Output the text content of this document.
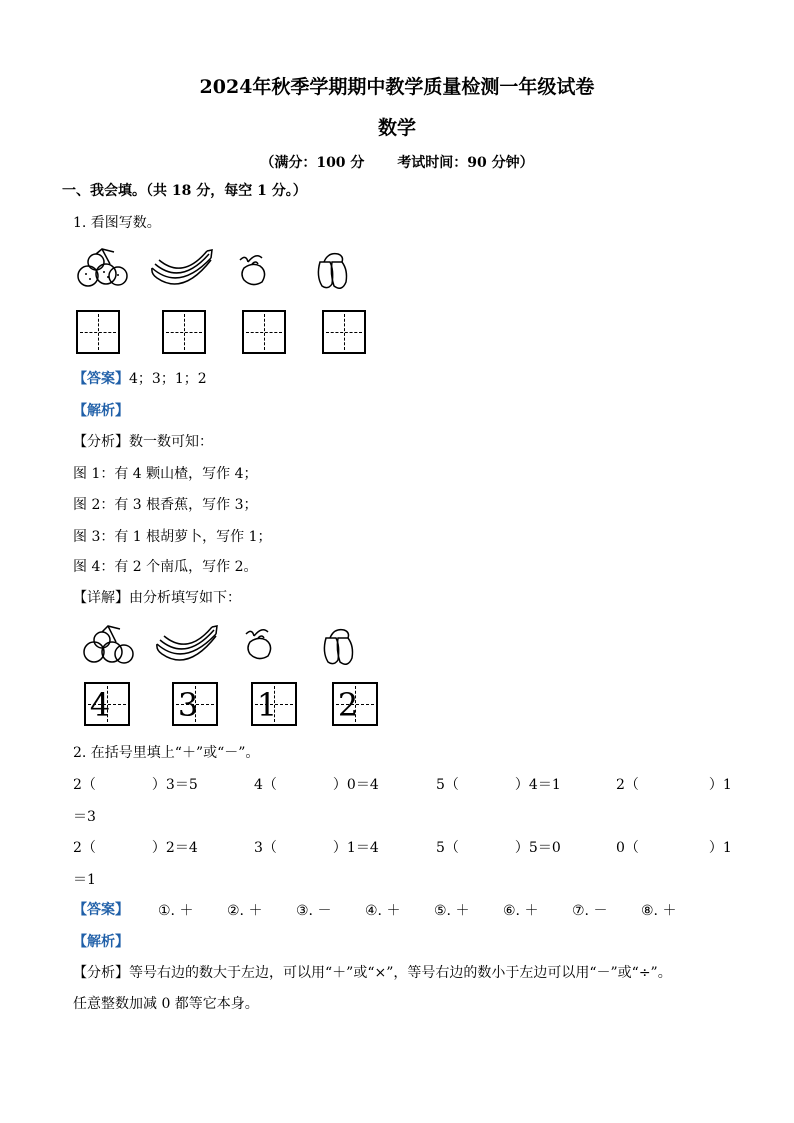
2024年秋季学期期中教学质量检测一年级试卷
数学
（满分：100 分 考试时间：90 分钟）
一、我会填。（共 18 分，每空 1 分。）
1. 看图写数。
【答案】4；3；1；2
【解析】
【分析】数一数可知：
图 1：有 4 颗山楂，写作 4；
图 2：有 3 根香蕉，写作 3；
图 3：有 1 根胡萝卜，写作 1；
图 4：有 2 个南瓜，写作 2。
【详解】由分析填写如下：
4 3 1 2
2. 在括号里填上“＋”或“－”。
2（　　　　）3＝5	4（　　　　）0＝4	5（　　　　）4＝1	2（　　　　　）1
＝3
2（　　　　）2＝4	3（　　　　）1＝4	5（　　　　）5＝0	0（　　　　　）1
＝1
【答案】 ①. ＋ ②. ＋ ③. － ④. ＋ ⑤. ＋ ⑥. ＋ ⑦. － ⑧. ＋
【解析】
【分析】等号右边的数大于左边，可以用“＋”或“×”，等号右边的数小于左边可以用“－”或“÷”。
任意整数加减 0 都等它本身。
